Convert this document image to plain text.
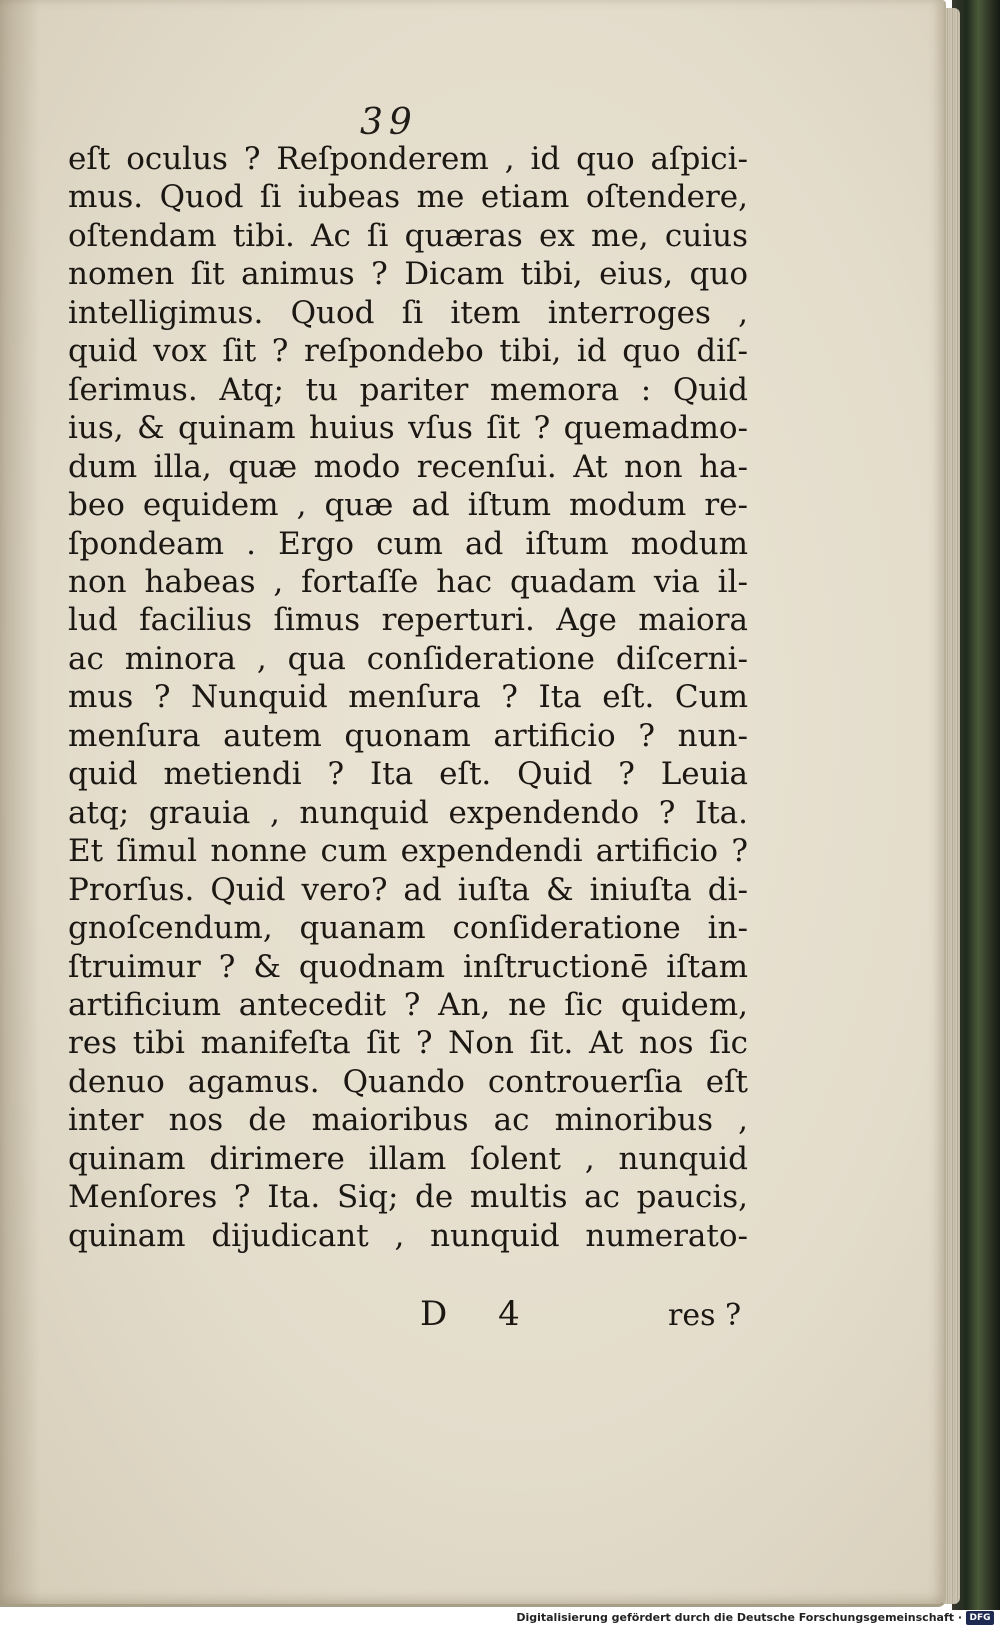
39
eſt oculus ? Reſponderem , id quo aſpici-
mus. Quod ſi iubeas me etiam oſtendere,
oſtendam tibi. Ac ſi quæras ex me, cuius
nomen ſit animus ? Dicam tibi, eius, quo
intelligimus. Quod ſi item interroges ,
quid vox ſit ? reſpondebo tibi, id quo diſ-
ſerimus. Atq; tu pariter memora : Quid
ius, & quinam huius vſus ſit ? quemadmo-
dum illa, quæ modo recenſui. At non ha-
beo equidem , quæ ad iſtum modum re-
ſpondeam . Ergo cum ad iſtum modum
non habeas , fortaſſe hac quadam via il-
lud facilius ſimus reperturi. Age maiora
ac minora , qua conſideratione diſcerni-
mus ? Nunquid menſura ? Ita eſt. Cum
menſura autem quonam artificio ? nun-
quid metiendi ? Ita eſt. Quid ? Leuia
atq; grauia , nunquid expendendo ? Ita.
Et ſimul nonne cum expendendi artificio ?
Prorſus. Quid vero? ad iuſta & iniuſta di-
gnoſcendum, quanam conſideratione in-
ſtruimur ? & quodnam inſtructionē iſtam
artificium antecedit ? An, ne ſic quidem,
res tibi manifeſta ſit ? Non ſit. At nos ſic
denuo agamus. Quando controuerſia eſt
inter nos de maioribus ac minoribus ,
quinam dirimere illam ſolent , nunquid
Menſores ? Ita. Siq; de multis ac paucis,
quinam dijudicant , nunquid numerato-
D 4	res ?
Digitalisierung gefördert durch die Deutsche Forschungsgemeinschaft · DFG
